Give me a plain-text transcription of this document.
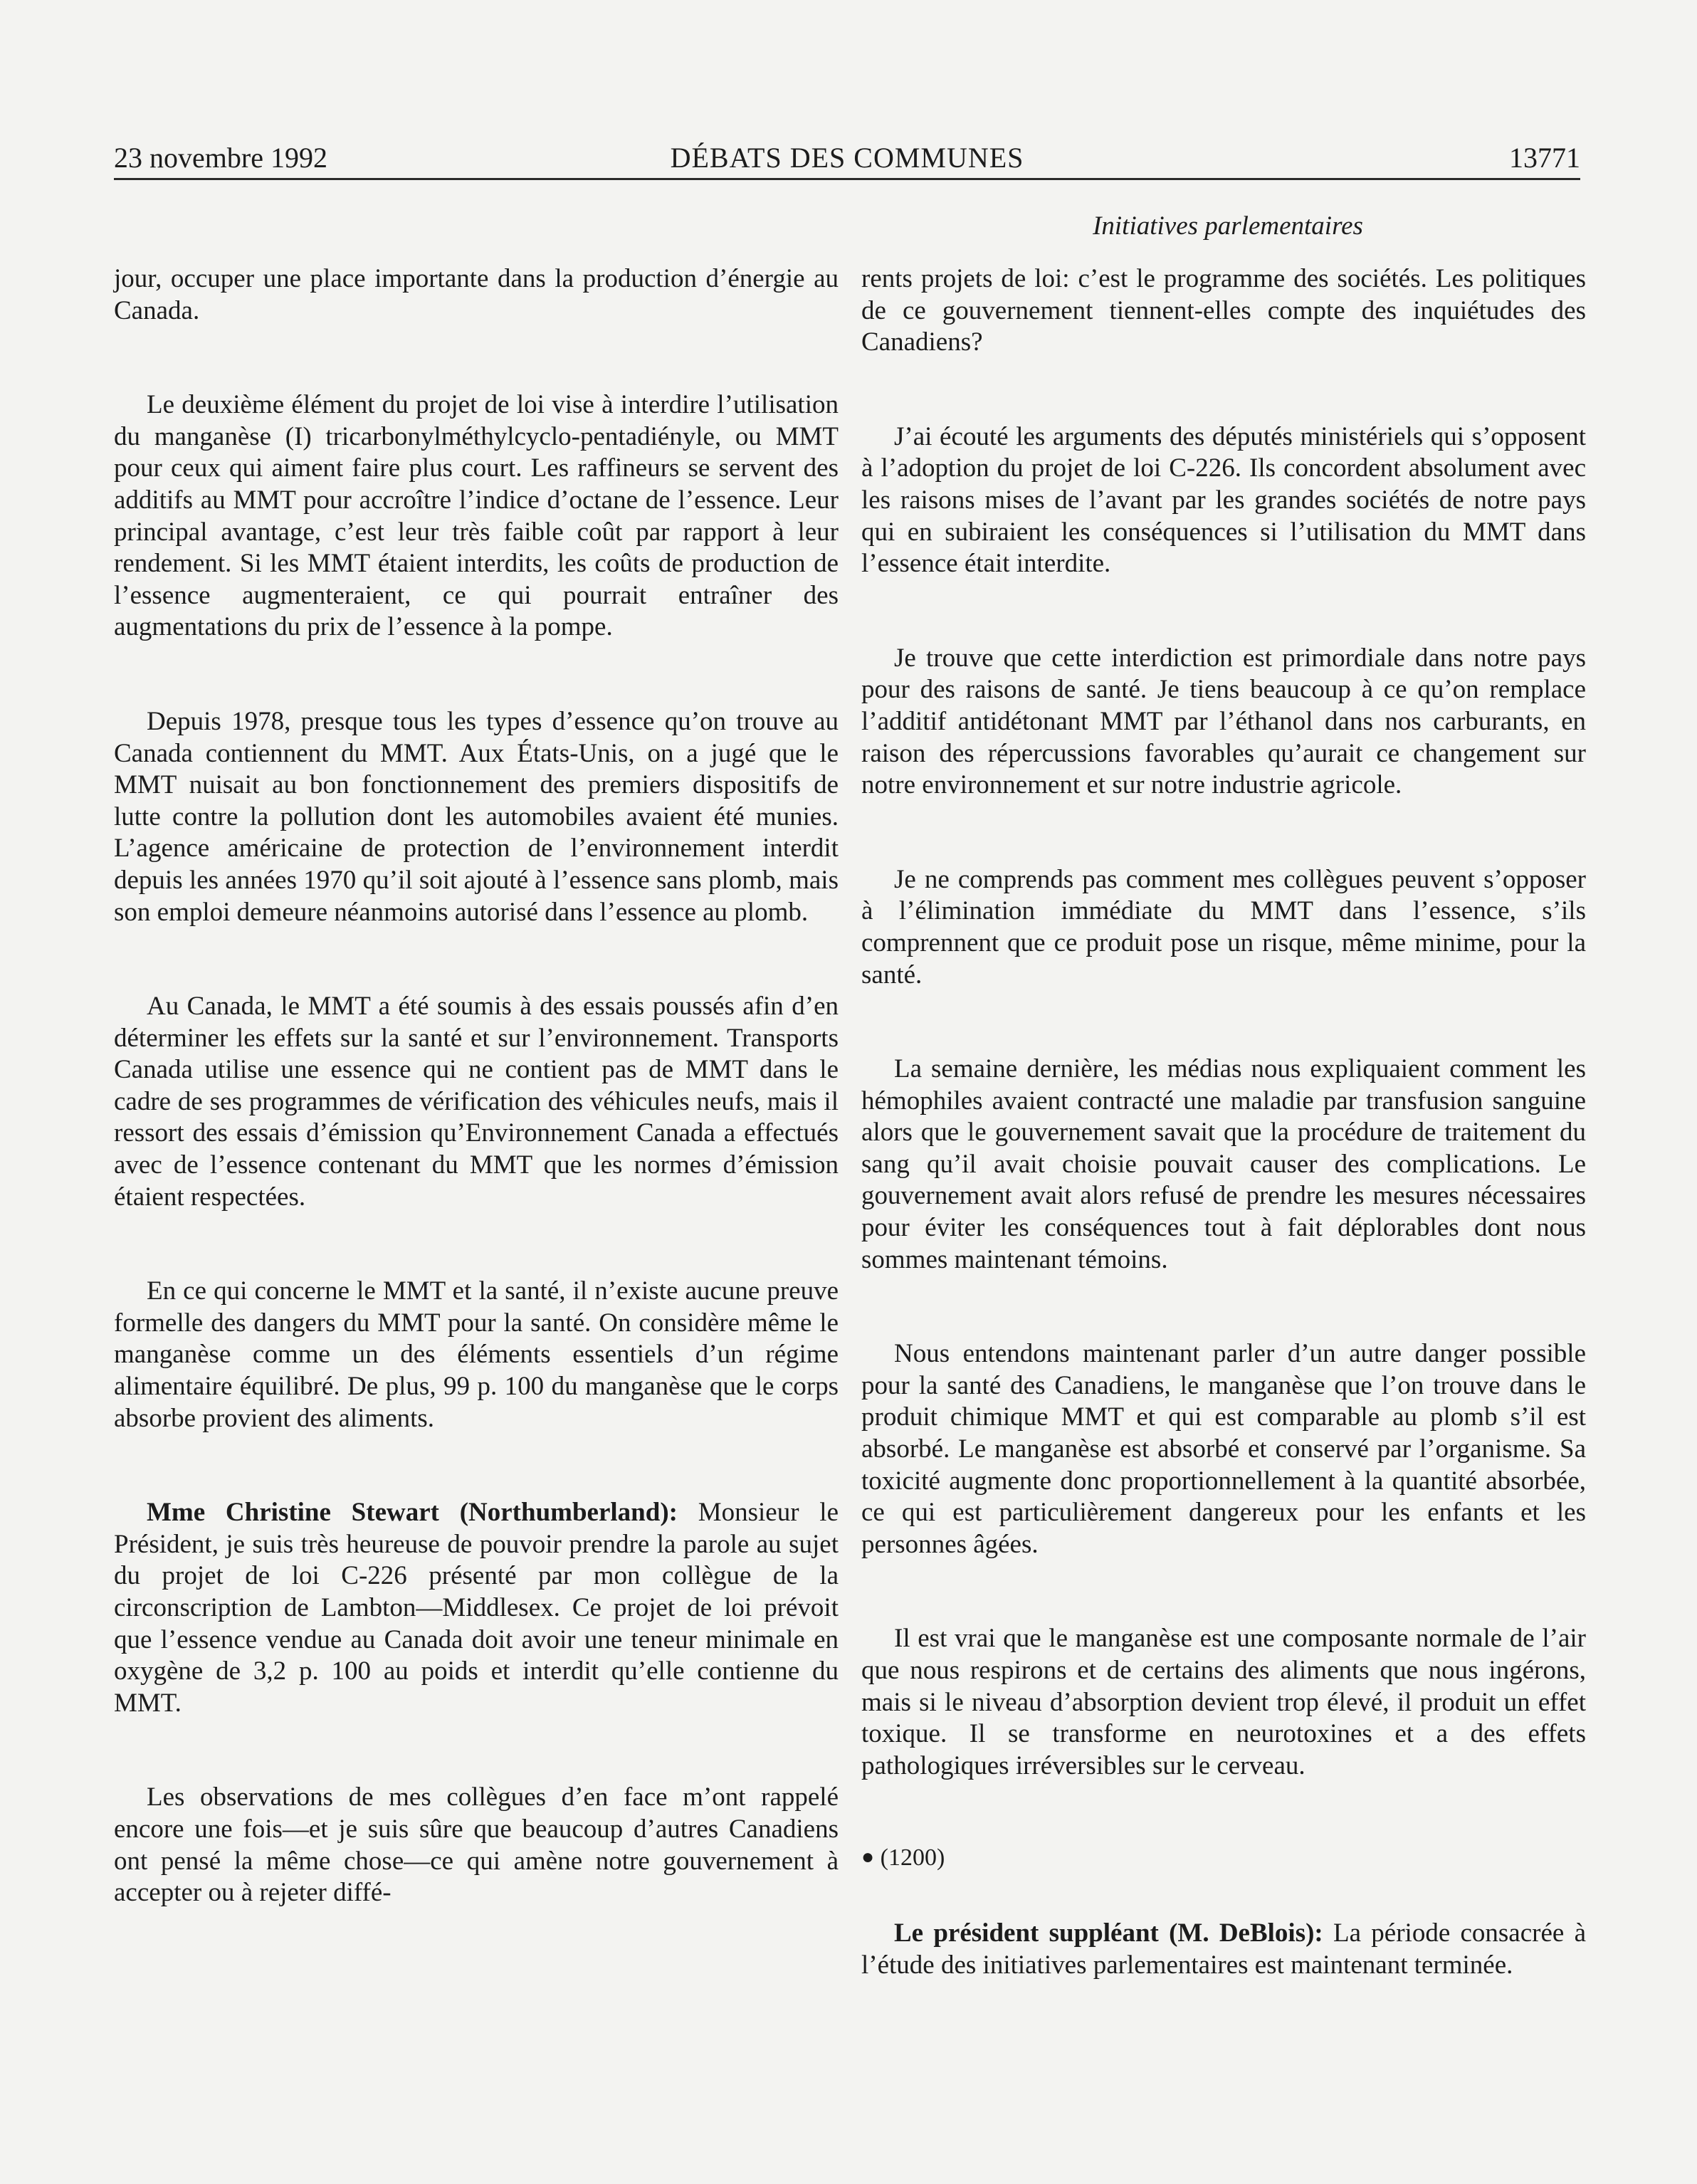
23 novembre 1992	DÉBATS DES COMMUNES	13771
Initiatives parlementaires

jour, occuper une place importante dans la production d’énergie au Canada.

Le deuxième élément du projet de loi vise à interdire l’utilisation du manganèse (I) tricarbonylméthylcyclo-pentadiényle, ou MMT pour ceux qui aiment faire plus court. Les raffineurs se servent des additifs au MMT pour accroître l’indice d’octane de l’essence. Leur principal avantage, c’est leur très faible coût par rapport à leur rendement. Si les MMT étaient interdits, les coûts de production de l’essence augmenteraient, ce qui pourrait entraîner des augmentations du prix de l’essence à la pompe.

Depuis 1978, presque tous les types d’essence qu’on trouve au Canada contiennent du MMT. Aux États-Unis, on a jugé que le MMT nuisait au bon fonctionnement des premiers dispositifs de lutte contre la pollution dont les automobiles avaient été munies. L’agence américaine de protection de l’environnement interdit depuis les années 1970 qu’il soit ajouté à l’essence sans plomb, mais son emploi demeure néanmoins autorisé dans l’essence au plomb.

Au Canada, le MMT a été soumis à des essais poussés afin d’en déterminer les effets sur la santé et sur l’environnement. Transports Canada utilise une essence qui ne contient pas de MMT dans le cadre de ses programmes de vérification des véhicules neufs, mais il ressort des essais d’émission qu’Environnement Canada a effectués avec de l’essence contenant du MMT que les normes d’émission étaient respectées.

En ce qui concerne le MMT et la santé, il n’existe aucune preuve formelle des dangers du MMT pour la santé. On considère même le manganèse comme un des éléments essentiels d’un régime alimentaire équilibré. De plus, 99 p. 100 du manganèse que le corps absorbe provient des aliments.

Mme Christine Stewart (Northumberland): Monsieur le Président, je suis très heureuse de pouvoir prendre la parole au sujet du projet de loi C-226 présenté par mon collègue de la circonscription de Lambton—Middlesex. Ce projet de loi prévoit que l’essence vendue au Canada doit avoir une teneur minimale en oxygène de 3,2 p. 100 au poids et interdit qu’elle contienne du MMT.

Les observations de mes collègues d’en face m’ont rappelé encore une fois—et je suis sûre que beaucoup d’autres Canadiens ont pensé la même chose—ce qui amène notre gouvernement à accepter ou à rejeter diffé-

rents projets de loi: c’est le programme des sociétés. Les politiques de ce gouvernement tiennent-elles compte des inquiétudes des Canadiens?

J’ai écouté les arguments des députés ministériels qui s’opposent à l’adoption du projet de loi C-226. Ils concordent absolument avec les raisons mises de l’avant par les grandes sociétés de notre pays qui en subiraient les conséquences si l’utilisation du MMT dans l’essence était interdite.

Je trouve que cette interdiction est primordiale dans notre pays pour des raisons de santé. Je tiens beaucoup à ce qu’on remplace l’additif antidétonant MMT par l’éthanol dans nos carburants, en raison des répercussions favorables qu’aurait ce changement sur notre environnement et sur notre industrie agricole.

Je ne comprends pas comment mes collègues peuvent s’opposer à l’élimination immédiate du MMT dans l’essence, s’ils comprennent que ce produit pose un risque, même minime, pour la santé.

La semaine dernière, les médias nous expliquaient comment les hémophiles avaient contracté une maladie par transfusion sanguine alors que le gouvernement savait que la procédure de traitement du sang qu’il avait choisie pouvait causer des complications. Le gouvernement avait alors refusé de prendre les mesures nécessaires pour éviter les conséquences tout à fait déplorables dont nous sommes maintenant témoins.

Nous entendons maintenant parler d’un autre danger possible pour la santé des Canadiens, le manganèse que l’on trouve dans le produit chimique MMT et qui est comparable au plomb s’il est absorbé. Le manganèse est absorbé et conservé par l’organisme. Sa toxicité augmente donc proportionnellement à la quantité absorbée, ce qui est particulièrement dangereux pour les enfants et les personnes âgées.

Il est vrai que le manganèse est une composante normale de l’air que nous respirons et de certains des aliments que nous ingérons, mais si le niveau d’absorption devient trop élevé, il produit un effet toxique. Il se transforme en neurotoxines et a des effets pathologiques irréversibles sur le cerveau.

● (1200)

Le président suppléant (M. DeBlois): La période consacrée à l’étude des initiatives parlementaires est maintenant terminée.
